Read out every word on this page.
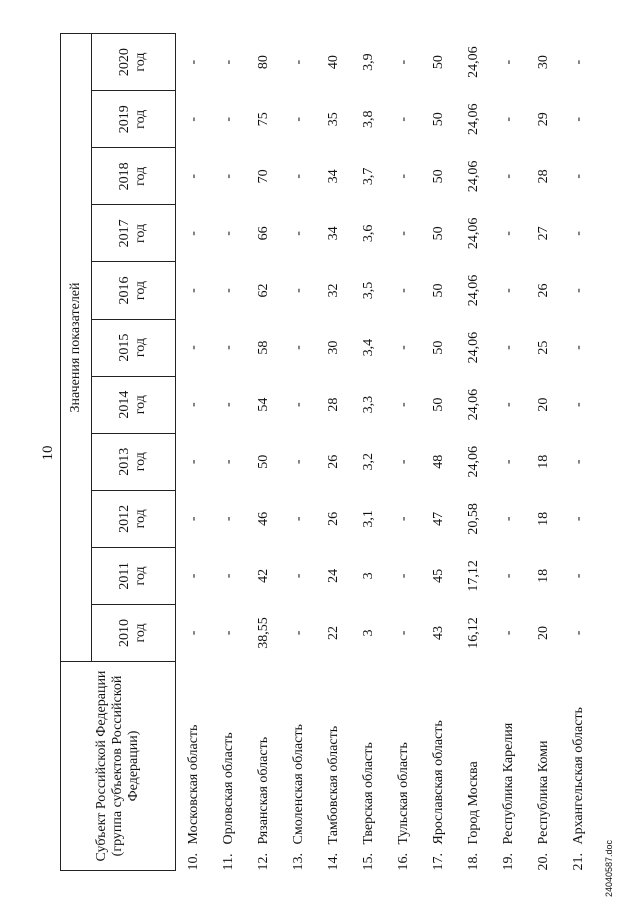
10
Субъект Российской Федерации (группа субъектов Российской Федерации)	Значения показателей										

	2010 год	2011 год	2012 год	2013 год	2014 год	2015 год	2016 год	2017 год	2018 год	2019 год	2020 год

10.Московская область	-	-	-	-	-	-	-	-	-	-	-
11.Орловская область	-	-	-	-	-	-	-	-	-	-	-
12.Рязанская область	38,55	42	46	50	54	58	62	66	70	75	80
13.Смоленская область	-	-	-	-	-	-	-	-	-	-	-
14.Тамбовская область	22	24	26	26	28	30	32	34	34	35	40
15.Тверская область	3	3	3,1	3,2	3,3	3,4	3,5	3,6	3,7	3,8	3,9
16.Тульская область	-	-	-	-	-	-	-	-	-	-	-
17.Ярославская область	43	45	47	48	50	50	50	50	50	50	50
18.Город Москва	16,12	17,12	20,58	24,06	24,06	24,06	24,06	24,06	24,06	24,06	24,06
19.Республика Карелия	-	-	-	-	-	-	-	-	-	-	-
20.Республика Коми	20	18	18	18	20	25	26	27	28	29	30
21.Архангельская область	-	-	-	-	-	-	-	-	-	-	-
24040587.doc
